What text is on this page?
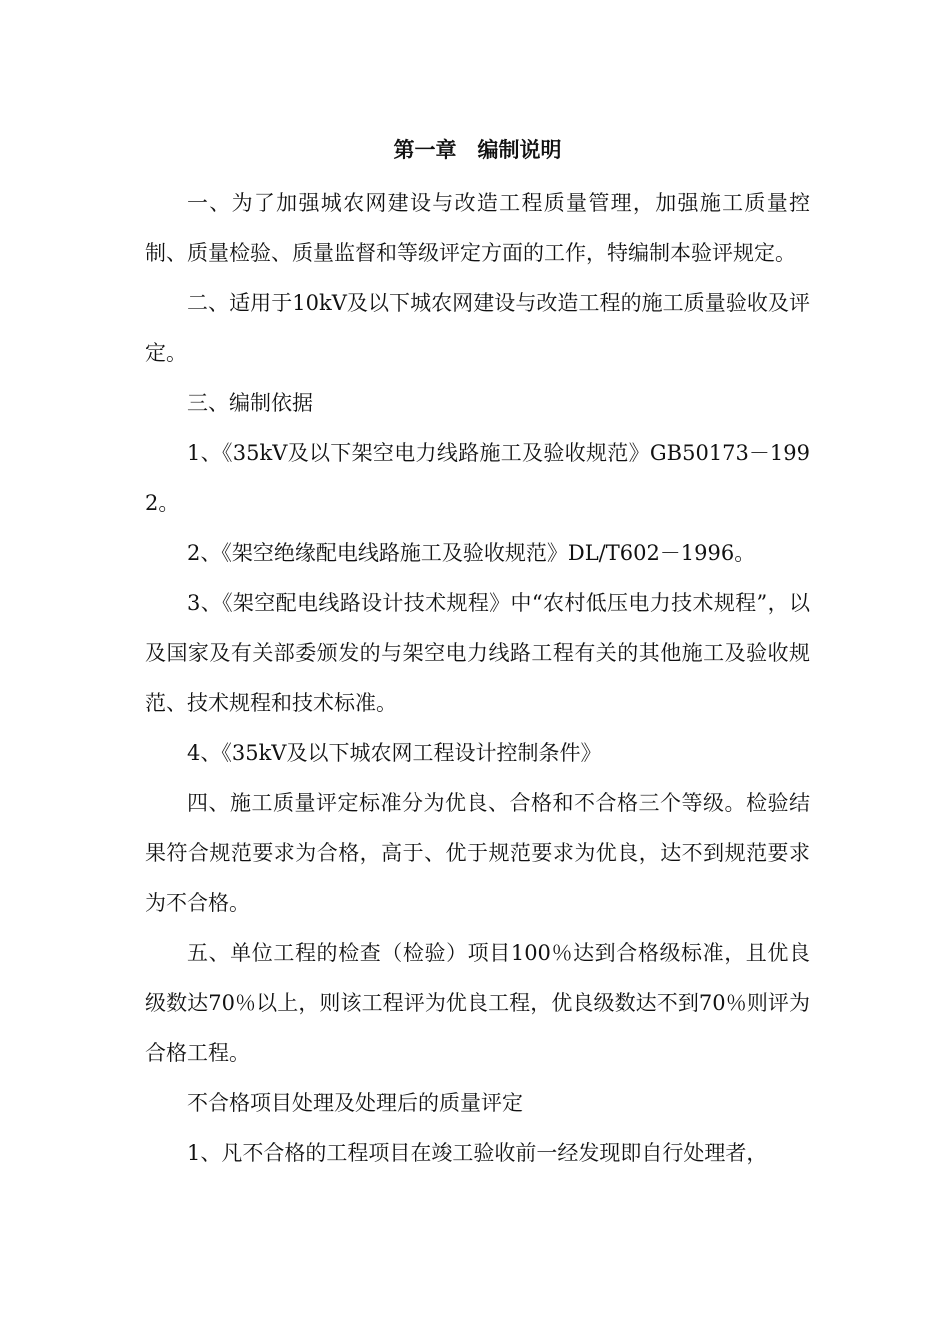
第一章　编制说明

一、为了加强城农网建设与改造工程质量管理，加强施工质量控制、质量检验、质量监督和等级评定方面的工作，特编制本验评规定。

二、适用于10kV及以下城农网建设与改造工程的施工质量验收及评定。

三、编制依据

1、《35kV及以下架空电力线路施工及验收规范》GB50173－1992。

2、《架空绝缘配电线路施工及验收规范》DL/T602－1996。

3、《架空配电线路设计技术规程》中“农村低压电力技术规程”，以及国家及有关部委颁发的与架空电力线路工程有关的其他施工及验收规范、技术规程和技术标准。

4、《35kV及以下城农网工程设计控制条件》

四、施工质量评定标准分为优良、合格和不合格三个等级。检验结果符合规范要求为合格，高于、优于规范要求为优良，达不到规范要求为不合格。

五、单位工程的检查（检验）项目100％达到合格级标准，且优良级数达70％以上，则该工程评为优良工程，优良级数达不到70％则评为合格工程。

不合格项目处理及处理后的质量评定

1、凡不合格的工程项目在竣工验收前一经发现即自行处理者，
